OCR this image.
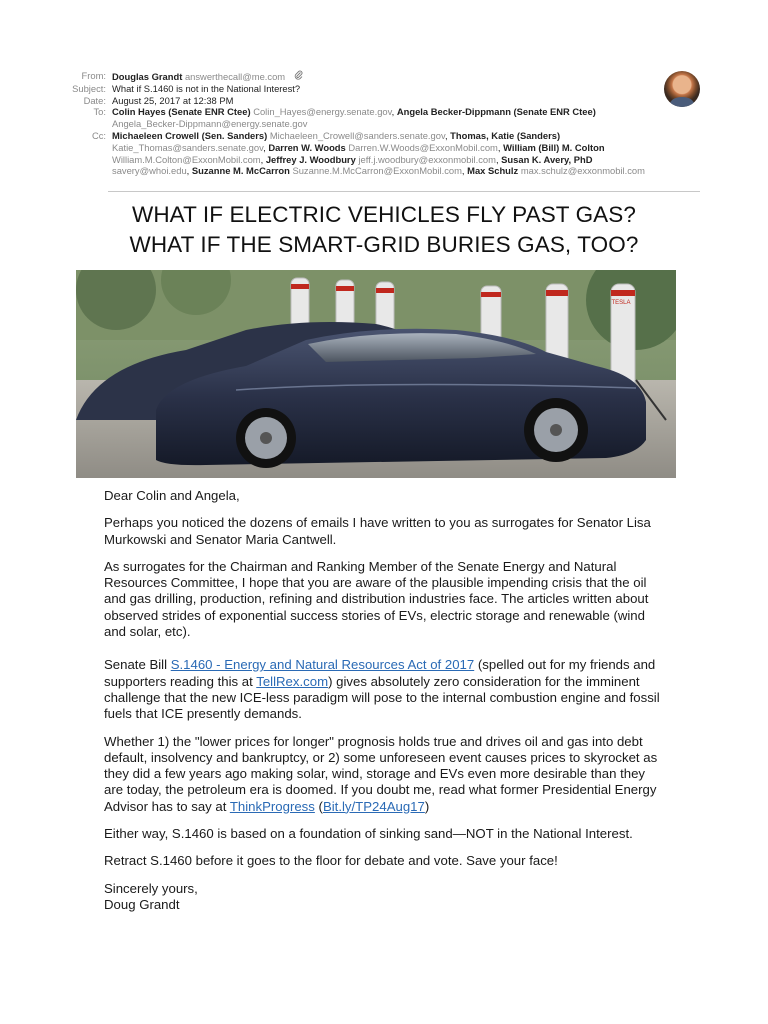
From: Douglas Grandt answerthecall@me.com
Subject: What if S.1460 is not in the National Interest?
Date: August 25, 2017 at 12:38 PM
To: Colin Hayes (Senate ENR Ctee) Colin_Hayes@energy.senate.gov, Angela Becker-Dippmann (Senate ENR Ctee)
Angela_Becker-Dippmann@energy.senate.gov
Cc: Michaeleen Crowell (Sen. Sanders) Michaeleen_Crowell@sanders.senate.gov, Thomas, Katie (Sanders)
Katie_Thomas@sanders.senate.gov, Darren W. Woods Darren.W.Woods@ExxonMobil.com, William (Bill) M. Colton
William.M.Colton@ExxonMobil.com, Jeffrey J. Woodbury jeff.j.woodbury@exxonmobil.com, Susan K. Avery, PhD
savery@whoi.edu, Suzanne M. McCarron Suzanne.M.McCarron@ExxonMobil.com, Max Schulz max.schulz@exxonmobil.com
WHAT IF ELECTRIC VEHICLES FLY PAST GAS?
WHAT IF THE SMART-GRID BURIES GAS, TOO?
TESLA

Dear Colin and Angela,

Perhaps you noticed the dozens of emails I have written to you as surrogates for Senator Lisa Murkowski and Senator Maria Cantwell.

As surrogates for the Chairman and Ranking Member of the Senate Energy and Natural Resources Committee, I hope that you are aware of the plausible impending crisis that the oil and gas drilling, production, refining and distribution industries face. The articles written about observed strides of exponential success stories of EVs, electric storage and renewable (wind and solar, etc).

Senate Bill S.1460 - Energy and Natural Resources Act of 2017 (spelled out for my friends and supporters reading this at TellRex.com) gives absolutely zero consideration for the imminent challenge that the new ICE-less paradigm will pose to the internal combustion engine and fossil fuels that ICE presently demands.

Whether 1) the "lower prices for longer" prognosis holds true and drives oil and gas into debt default, insolvency and bankruptcy, or 2) some unforeseen event causes prices to skyrocket as they did a few years ago making solar, wind, storage and EVs even more desirable than they are today, the petroleum era is doomed. If you doubt me, read what former Presidential Energy Advisor has to say at ThinkProgress (Bit.ly/TP24Aug17)

Either way, S.1460 is based on a foundation of sinking sand—NOT in the National Interest.

Retract S.1460 before it goes to the floor for debate and vote. Save your face!

Sincerely yours,

Doug Grandt
